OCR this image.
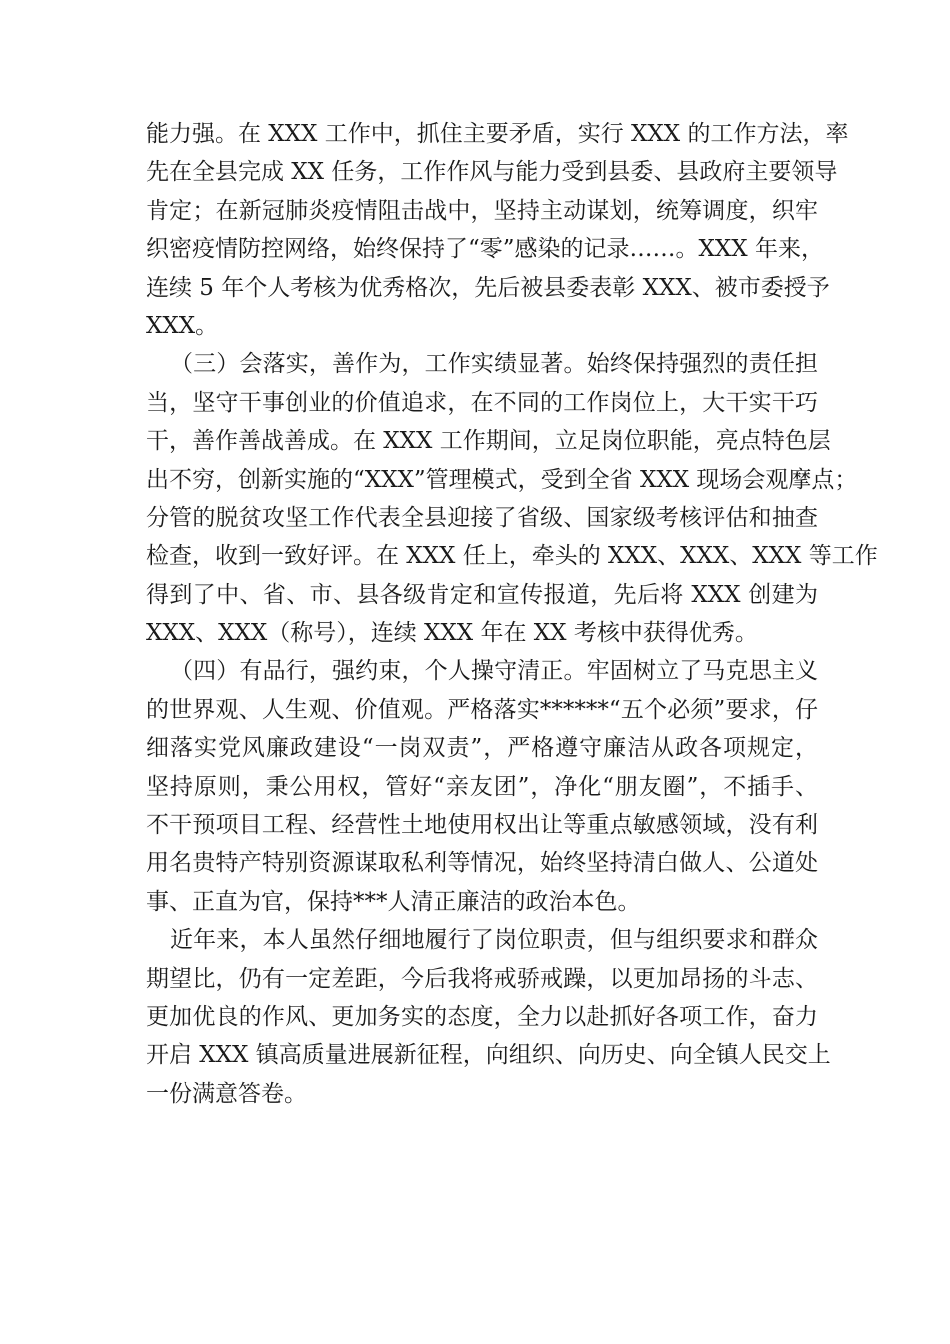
能力强。在 XXX 工作中，抓住主要矛盾，实行 XXX 的工作方法，率
先在全县完成 XX 任务，工作作风与能力受到县委、县政府主要领导
肯定；在新冠肺炎疫情阻击战中，坚持主动谋划，统筹调度，织牢
织密疫情防控网络，始终保持了“零”感染的记录……。XXX 年来，
连续 5 年个人考核为优秀格次，先后被县委表彰 XXX、被市委授予
XXX。
（三）会落实，善作为，工作实绩显著。始终保持强烈的责任担
当，坚守干事创业的价值追求，在不同的工作岗位上，大干实干巧
干，善作善战善成。在 XXX 工作期间，立足岗位职能，亮点特色层
出不穷，创新实施的“XXX”管理模式，受到全省 XXX 现场会观摩点；
分管的脱贫攻坚工作代表全县迎接了省级、国家级考核评估和抽查
检查，收到一致好评。在 XXX 任上，牵头的 XXX、XXX、XXX 等工作
得到了中、省、市、县各级肯定和宣传报道，先后将 XXX 创建为
XXX、XXX（称号），连续 XXX 年在 XX 考核中获得优秀。
（四）有品行，强约束，个人操守清正。牢固树立了马克思主义
的世界观、人生观、价值观。严格落实******“五个必须”要求，仔
细落实党风廉政建设“一岗双责”，严格遵守廉洁从政各项规定，
坚持原则，秉公用权，管好“亲友团”，净化“朋友圈”，不插手、
不干预项目工程、经营性土地使用权出让等重点敏感领域，没有利
用名贵特产特别资源谋取私利等情况，始终坚持清白做人、公道处
事、正直为官，保持***人清正廉洁的政治本色。
近年来，本人虽然仔细地履行了岗位职责，但与组织要求和群众
期望比，仍有一定差距，今后我将戒骄戒躁，以更加昂扬的斗志、
更加优良的作风、更加务实的态度，全力以赴抓好各项工作，奋力
开启 XXX 镇高质量进展新征程，向组织、向历史、向全镇人民交上
一份满意答卷。
